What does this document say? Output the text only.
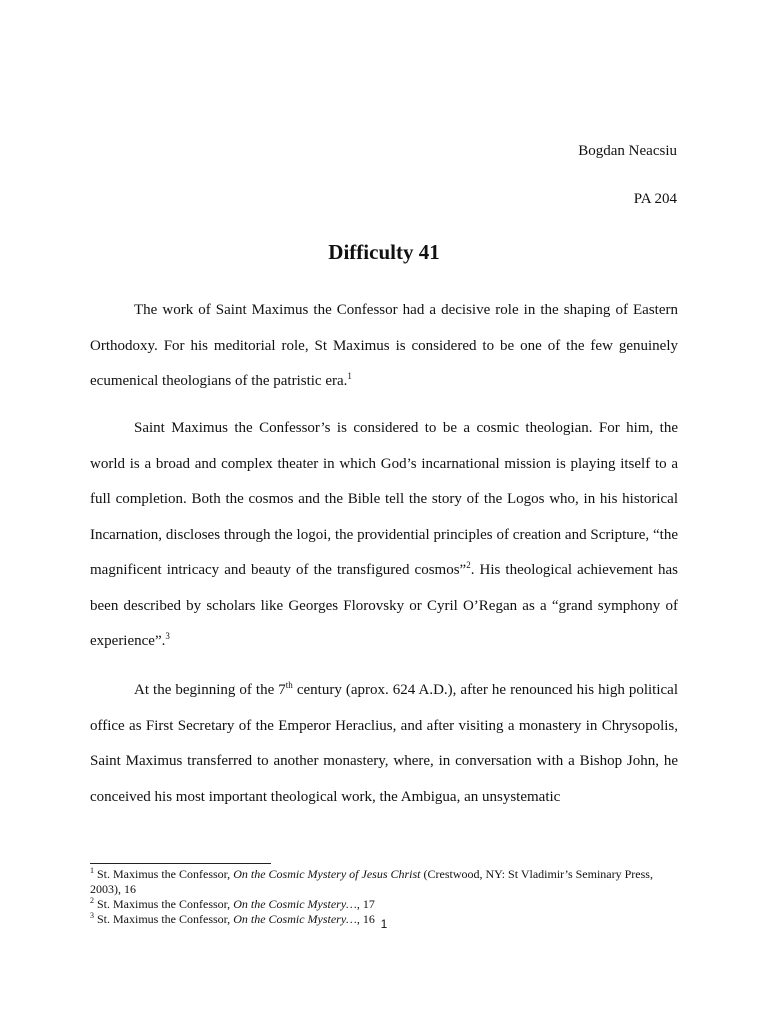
Bogdan Neacsiu
PA 204
Difficulty 41

The work of Saint Maximus the Confessor had a decisive role in the shaping of Eastern Orthodoxy. For his meditorial role, St Maximus is considered to be one of the few genuinely ecumenical theologians of the patristic era.$^1$

Saint Maximus the Confessor’s is considered to be a cosmic theologian. For him, the world is a broad and complex theater in which God’s incarnational mission is playing itself to a full completion. Both the cosmos and the Bible tell the story of the Logos who, in his historical Incarnation, discloses through the logoi, the providential principles of creation and Scripture, “the magnificent intricacy and beauty of the transfigured cosmos”$^2$. His theological achievement has been described by scholars like Georges Florovsky or Cyril O’Regan as a “grand symphony of experience”.$^3$

At the beginning of the 7th century (aprox. 624 A.D.), after he renounced his high political office as First Secretary of the Emperor Heraclius, and after visiting a monastery in Chrysopolis, Saint Maximus transferred to another monastery, where, in conversation with a Bishop John, he conceived his most important theological work, the Ambigua, an unsystematic

$^1$ St. Maximus the Confessor, On the Cosmic Mystery of Jesus Christ (Crestwood, NY: St Vladimir’s Seminary Press, 2003), 16

$^2$ St. Maximus the Confessor, On the Cosmic Mystery…, 17

$^3$ St. Maximus the Confessor, On the Cosmic Mystery…, 16 1
